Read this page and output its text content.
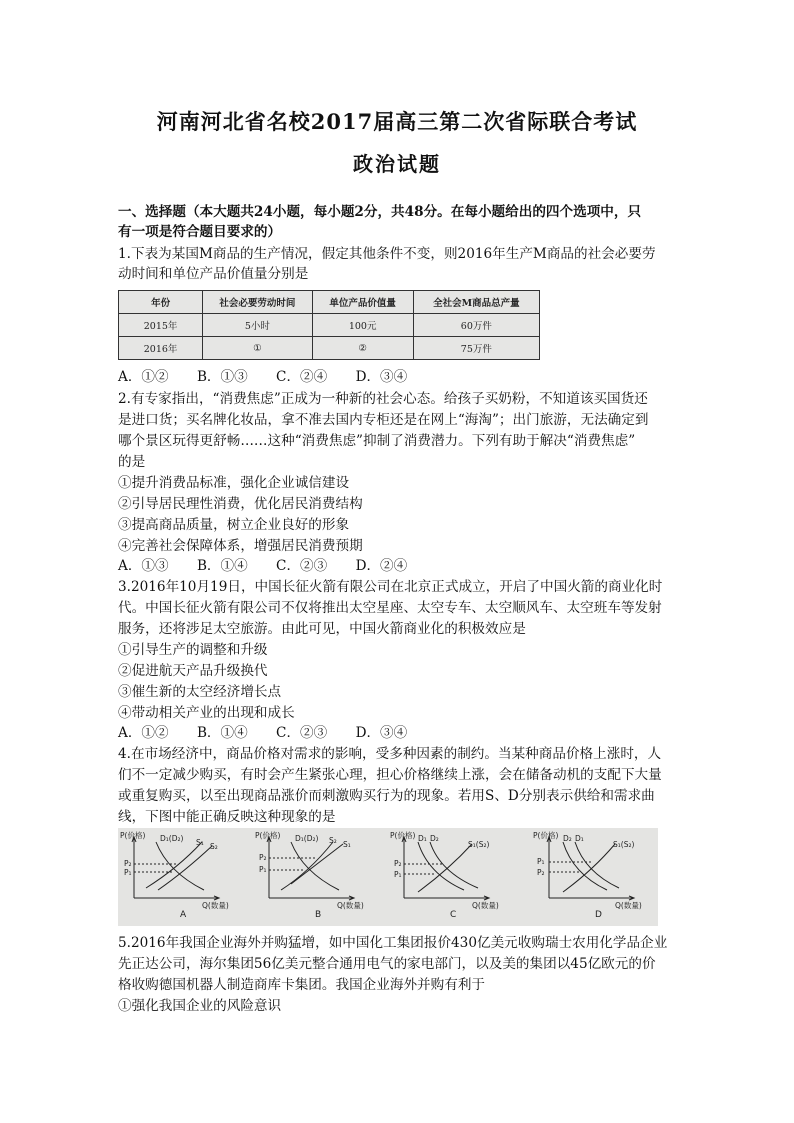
河南河北省名校2017届高三第二次省际联合考试
政治试题
一、选择题（本大题共24小题，每小题2分，共48分。在每小题给出的四个选项中，只
有一项是符合题目要求的）
1.下表为某国M商品的生产情况，假定其他条件不变，则2016年生产M商品的社会必要劳
动时间和单位产品价值量分别是
年份	社会必要劳动时间	单位产品价值量	全社会M商品总产量
2015年	5小时	100元	60万件
2016年	①	②	75万件
A．①② B．①③ C．②④ D．③④
2.有专家指出，“消费焦虑”正成为一种新的社会心态。给孩子买奶粉，不知道该买国货还
是进口货；买名牌化妆品，拿不准去国内专柜还是在网上“海淘”；出门旅游，无法确定到
哪个景区玩得更舒畅……这种“消费焦虑”抑制了消费潜力。下列有助于解决“消费焦虑”
的是
①提升消费品标准，强化企业诚信建设
②引导居民理性消费，优化居民消费结构
③提高商品质量，树立企业良好的形象
④完善社会保障体系，增强居民消费预期
A．①③ B．①④ C．②③ D．②④
3.2016年10月19日，中国长征火箭有限公司在北京正式成立，开启了中国火箭的商业化时
代。中国长征火箭有限公司不仅将推出太空星座、太空专车、太空顺风车、太空班车等发射
服务，还将涉足太空旅游。由此可见，中国火箭商业化的积极效应是
①引导生产的调整和升级
②促进航天产品升级换代
③催生新的太空经济增长点
④带动相关产业的出现和成长
A．①② B．①④ C．②③ D．③④
4.在市场经济中，商品价格对需求的影响，受多种因素的制约。当某种商品价格上涨时，人
们不一定减少购买，有时会产生紧张心理，担心价格继续上涨，会在储备动机的支配下大量
或重复购买，以至出现商品涨价而刺激购买行为的现象。若用S、D分别表示供给和需求曲
线，下图中能正确反映这种现象的是
P(价格)
Q(数量)
D₁(D₂) S₁ S₂
P₂
P₁
A
P(价格)
Q(数量)
D₁(D₂) S₂ S₁
P₂
P₁
B
P(价格)
Q(数量)
D₁ D₂
S₁(S₂)
P₂
P₁
C
P(价格)
Q(数量)
D₂ D₁
S₁(S₂)
P₁
P₂
D
5.2016年我国企业海外并购猛增，如中国化工集团报价430亿美元收购瑞士农用化学品企业
先正达公司，海尔集团56亿美元整合通用电气的家电部门，以及美的集团以45亿欧元的价
格收购德国机器人制造商库卡集团。我国企业海外并购有利于
①强化我国企业的风险意识
